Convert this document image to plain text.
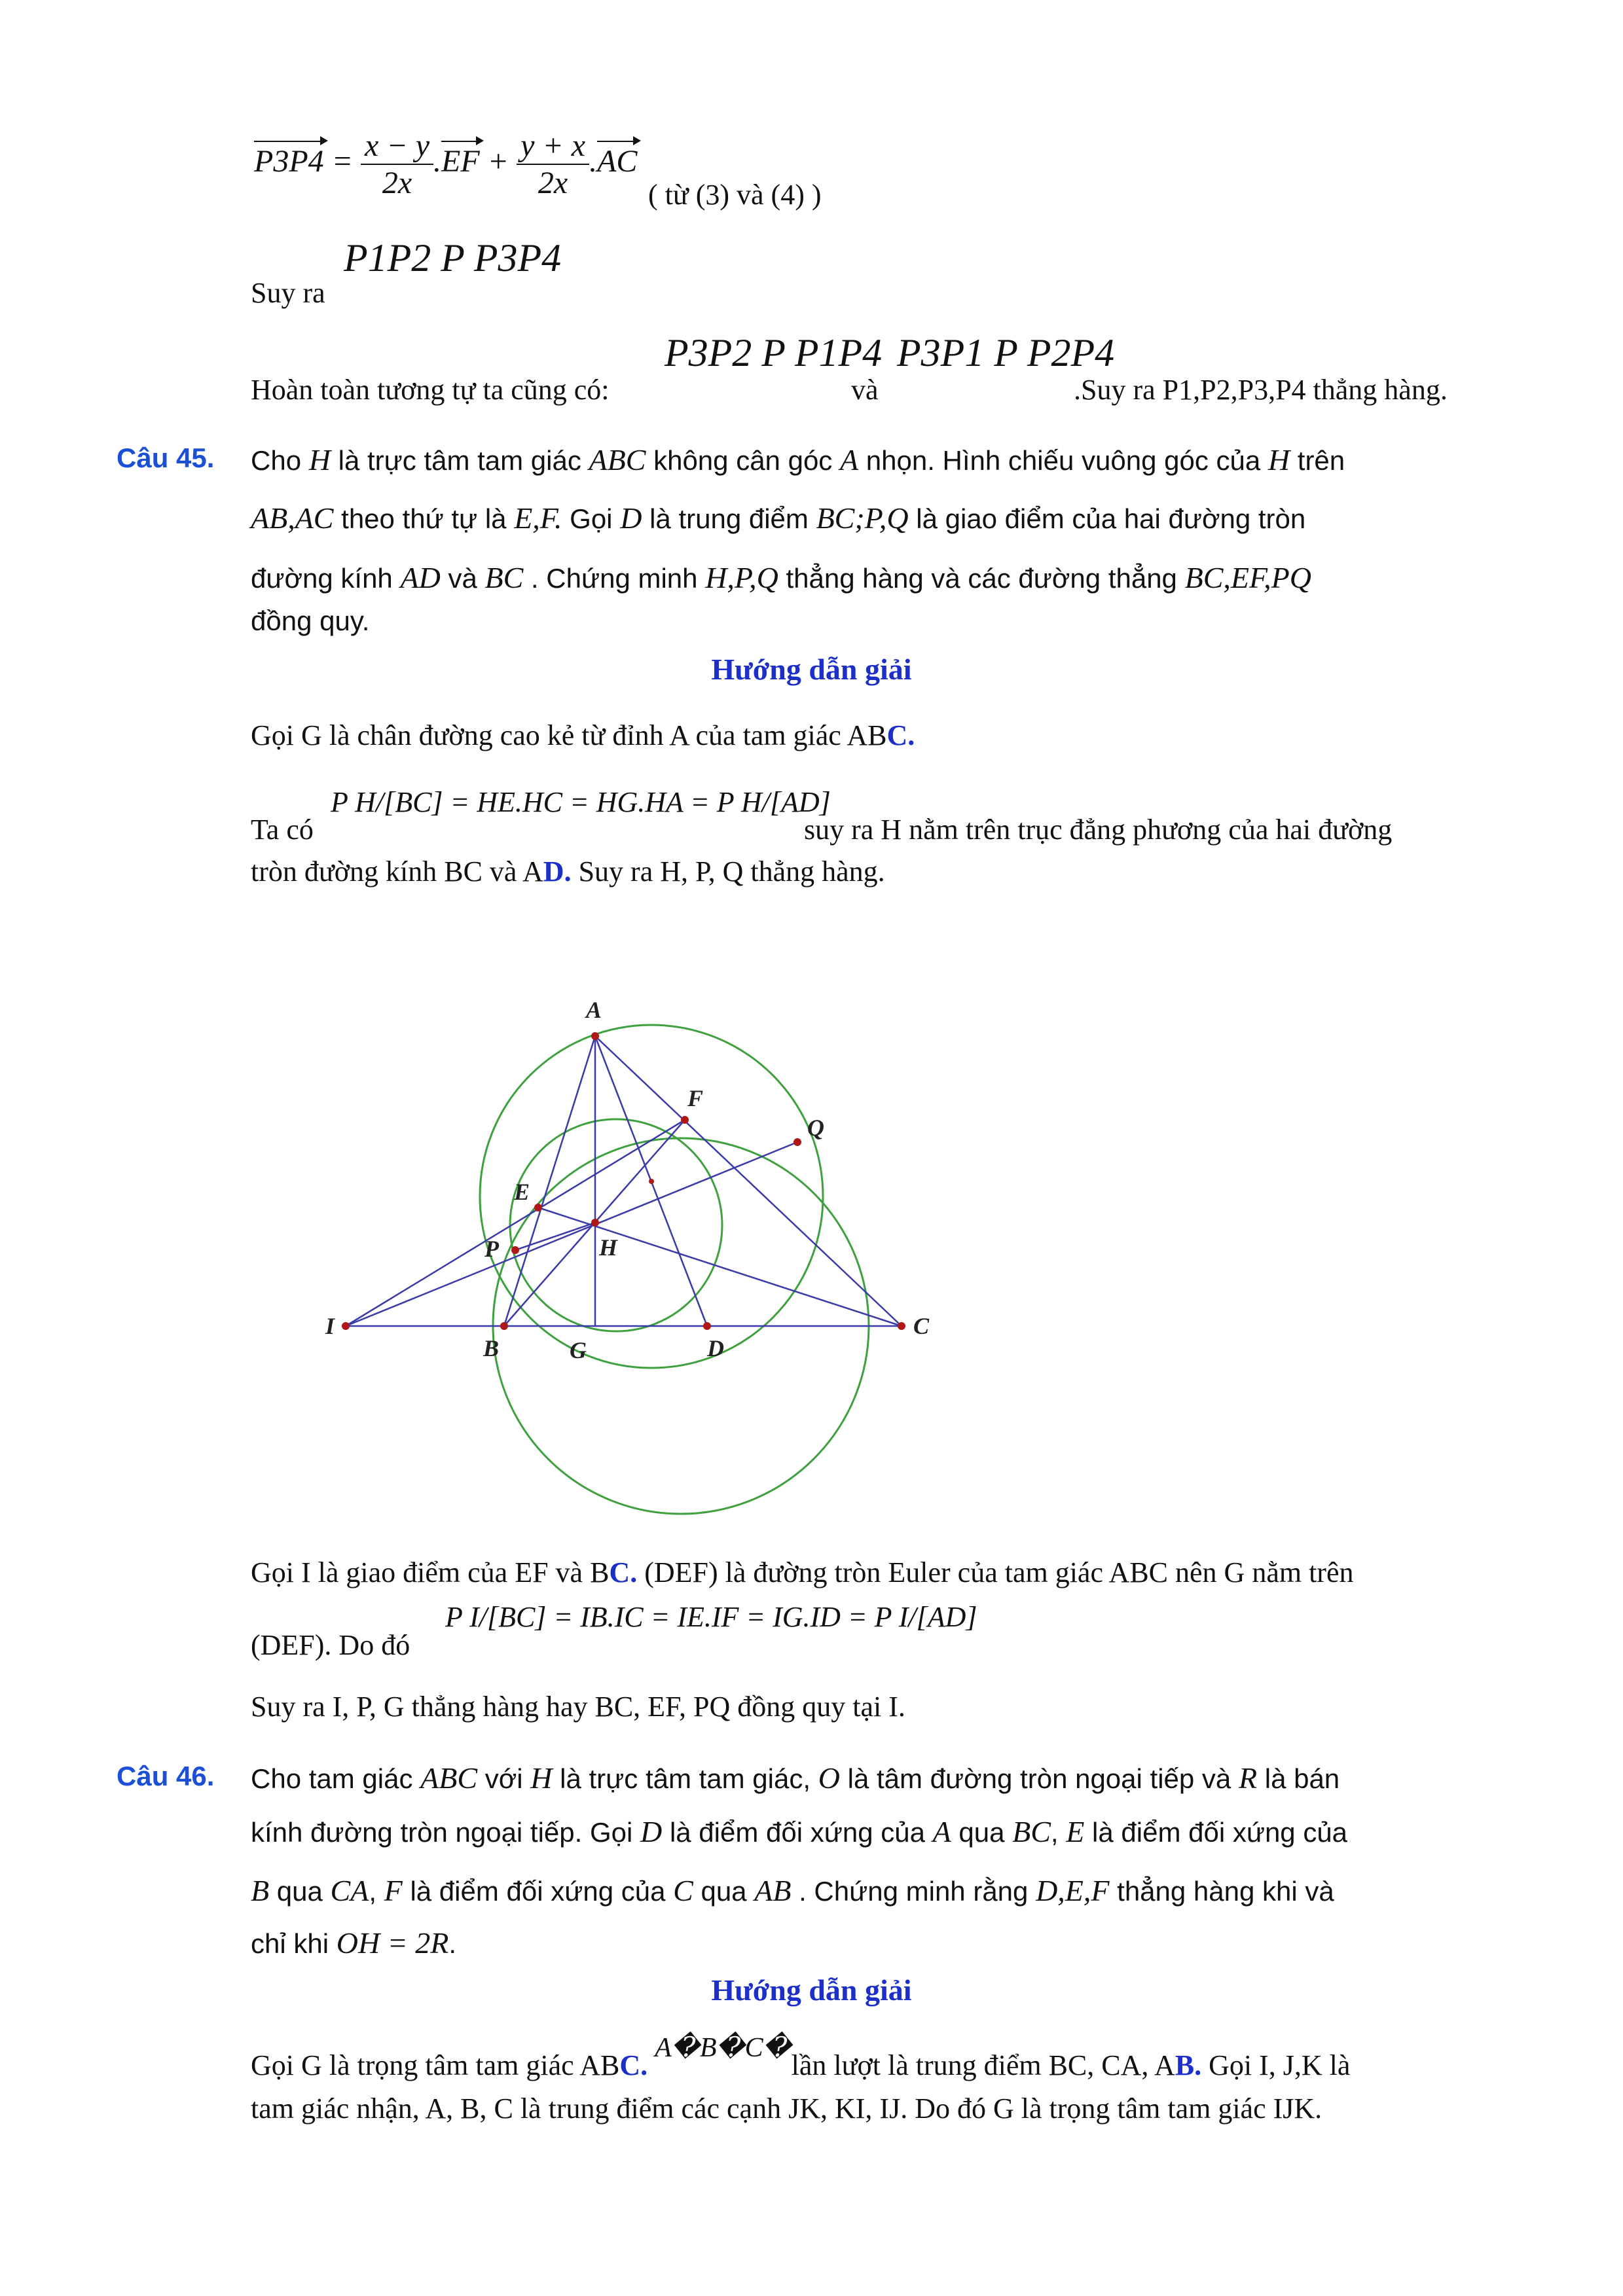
$P3P4 = \frac{x - y}{2x} .EF + \frac{y + x}{2x} .AC$
( từ (3) và (4) )
Suy ra
P1P2 P P3P4
Hoàn toàn tương tự ta cũng có:
P3P2 P P1P4
và
P3P1 P P2P4
.Suy ra P1,P2,P3,P4 thẳng hàng.
Câu 45. Cho H là trực tâm tam giác ABC không cân góc A nhọn. Hình chiếu vuông góc của H trên
AB,AC theo thứ tự là E,F. Gọi D là trung điểm BC;P,Q là giao điểm của hai đường tròn
đường kính AD và BC . Chứng minh H,P,Q thẳng hàng và các đường thẳng BC,EF,PQ
đồng quy.
Hướng dẫn giải
Gọi G là chân đường cao kẻ từ đỉnh A của tam giác ABC.
Ta có
P H/[BC] = HE.HC = HG.HA = P H/[AD]
suy ra H nằm trên trục đẳng phương của hai đường
tròn đường kính BC và AD. Suy ra H, P, Q thẳng hàng.
A
F
Q
E
P	H
I
B	G	D
C
Gọi I là giao điểm của EF và BC. (DEF) là đường tròn Euler của tam giác ABC nên G nằm trên
(DEF). Do đó
P I/[BC] = IB.IC = IE.IF = IG.ID = P I/[AD]
Suy ra I, P, G thẳng hàng hay BC, EF, PQ đồng quy tại I.
Câu 46. Cho tam giác ABC với H là trực tâm tam giác, O là tâm đường tròn ngoại tiếp và R là bán
kính đường tròn ngoại tiếp. Gọi D là điểm đối xứng của A qua BC, E là điểm đối xứng của
B qua CA, F là điểm đối xứng của C qua AB . Chứng minh rằng D,E,F thẳng hàng khi và
chỉ khi OH = 2R.
Hướng dẫn giải
Gọi G là trọng tâm tam giác ABC. A�B�C�lần lượt là trung điểm BC, CA, AB. Gọi I, J,K là
tam giác nhận, A, B, C là trung điểm các cạnh JK, KI, IJ. Do đó G là trọng tâm tam giác IJK.
